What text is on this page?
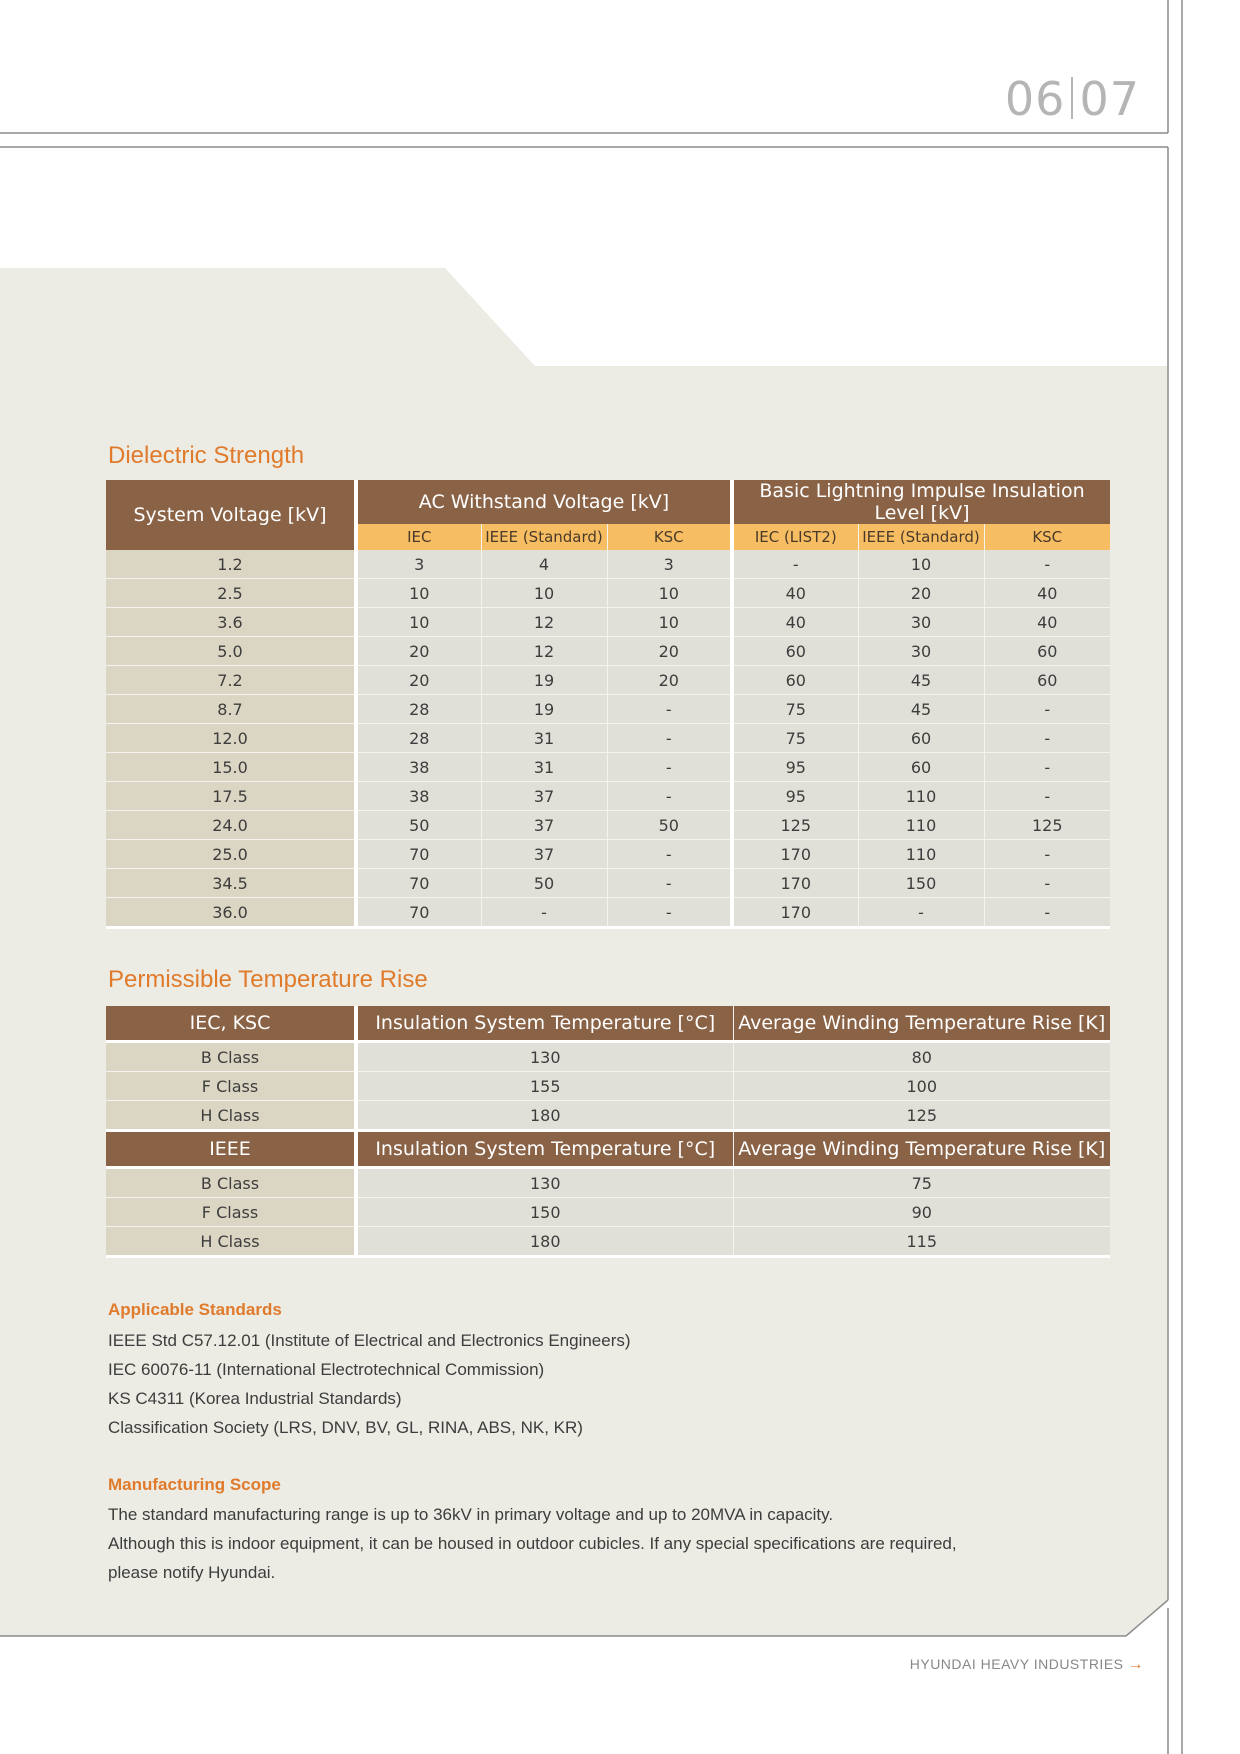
06 07
Dielectric Strength
System Voltage [kV]	AC Withstand Voltage [kV]			Basic Lightning Impulse Insulation Level [kV]		
	IEC	IEEE (Standard)	KSC	IEC (LIST2)	IEEE (Standard)	KSC
1.2	3	4	3	-	10	-
2.5	10	10	10	40	20	40
3.6	10	12	10	40	30	40
5.0	20	12	20	60	30	60
7.2	20	19	20	60	45	60
8.7	28	19	-	75	45	-
12.0	28	31	-	75	60	-
15.0	38	31	-	95	60	-
17.5	38	37	-	95	110	-
24.0	50	37	50	125	110	125
25.0	70	37	-	170	110	-
34.5	70	50	-	170	150	-
36.0	70	-	-	170	-	-
Permissible Temperature Rise
IEC, KSC	Insulation System Temperature [°C]	Average Winding Temperature Rise [K]
B Class	130	80
F Class	155	100
H Class	180	125
IEEE	Insulation System Temperature [°C]	Average Winding Temperature Rise [K]
B Class	130	75
F Class	150	90
H Class	180	115
Applicable Standards
IEEE Std C57.12.01 (Institute of Electrical and Electronics Engineers)
IEC 60076-11 (International Electrotechnical Commission)
KS C4311 (Korea Industrial Standards)
Classification Society (LRS, DNV, BV, GL, RINA, ABS, NK, KR)
Manufacturing Scope
The standard manufacturing range is up to 36kV in primary voltage and up to 20MVA in capacity.
Although this is indoor equipment, it can be housed in outdoor cubicles. If any special specifications are required,
please notify Hyundai.
HYUNDAI HEAVY INDUSTRIES →
